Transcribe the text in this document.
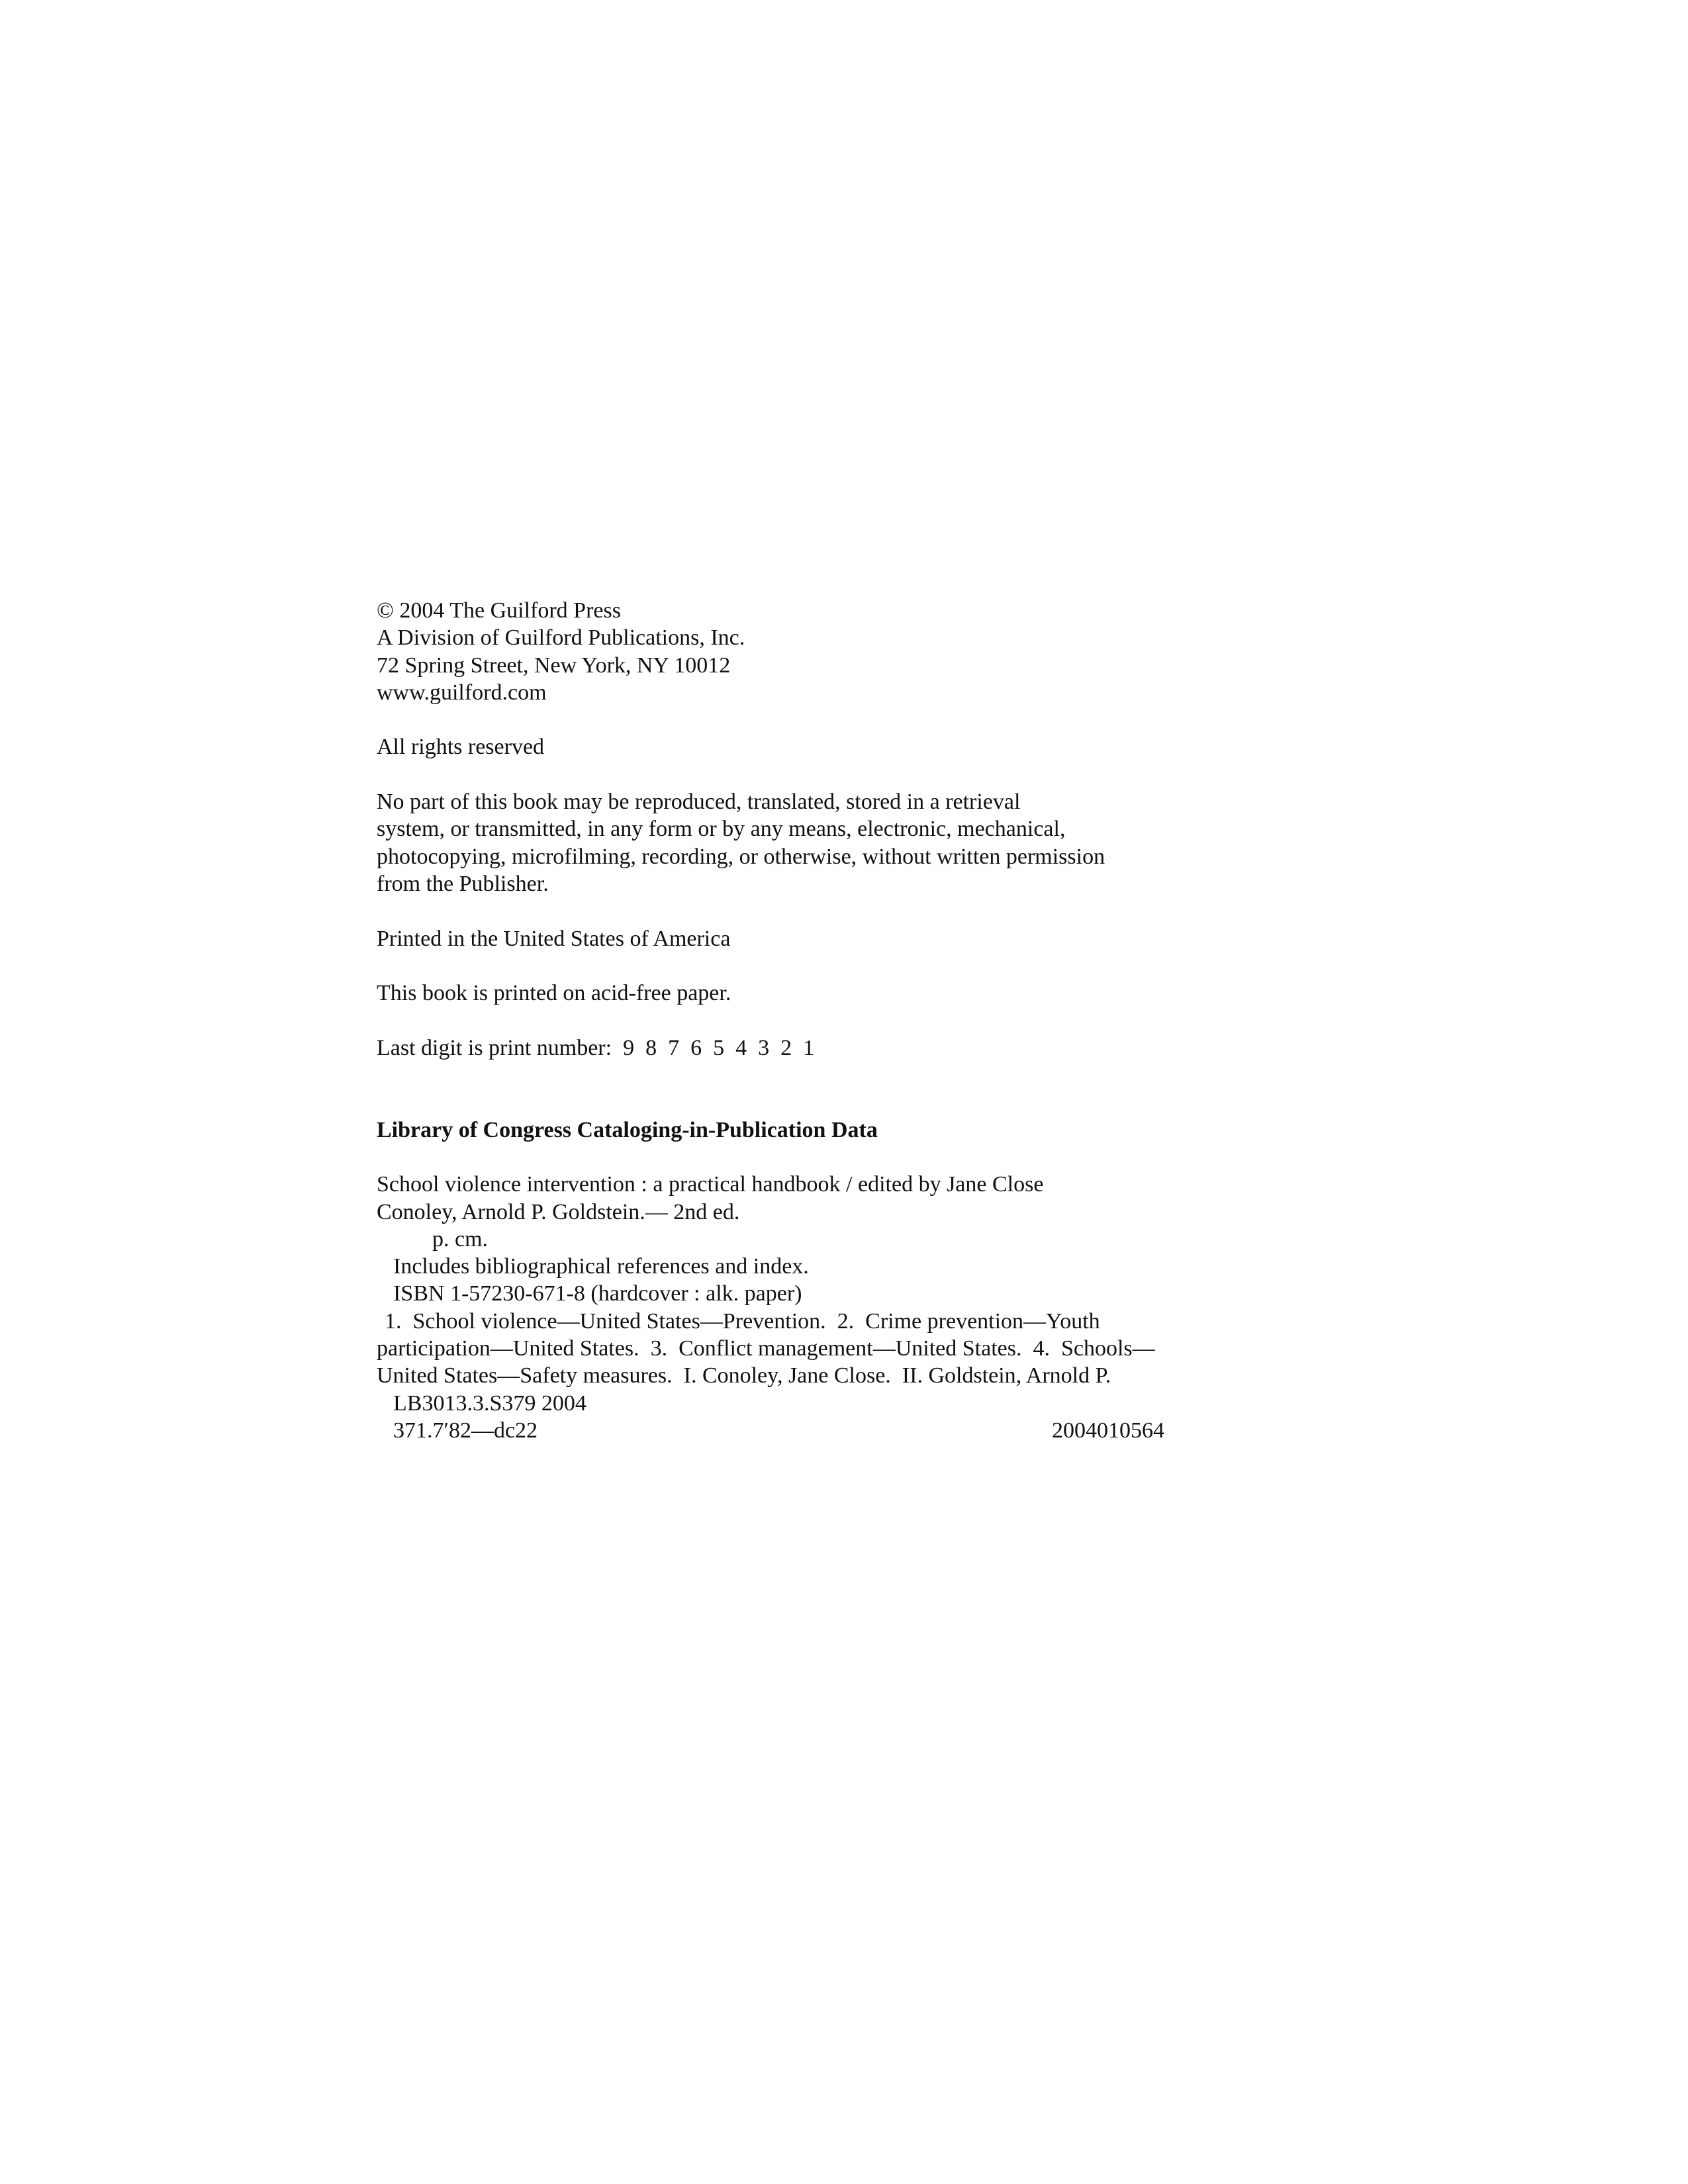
© 2004 The Guilford Press
A Division of Guilford Publications, Inc.
72 Spring Street, New York, NY 10012
www.guilford.com
All rights reserved
No part of this book may be reproduced, translated, stored in a retrieval
system, or transmitted, in any form or by any means, electronic, mechanical,
photocopying, microfilming, recording, or otherwise, without written permission
from the Publisher.
Printed in the United States of America
This book is printed on acid-free paper.
Last digit is print number:  9  8  7  6  5  4  3  2  1
Library of Congress Cataloging-in-Publication Data
School violence intervention : a practical handbook / edited by Jane Close
Conoley, Arnold P. Goldstein.— 2nd ed.
p. cm.
Includes bibliographical references and index.
ISBN 1-57230-671-8 (hardcover : alk. paper)
1.  School violence—United States—Prevention.  2.  Crime prevention—Youth
participation—United States.  3.  Conflict management—United States.  4.  Schools—
United States—Safety measures.  I. Conoley, Jane Close.  II. Goldstein, Arnold P.
LB3013.3.S379 2004
371.7′82—dc22	2004010564
